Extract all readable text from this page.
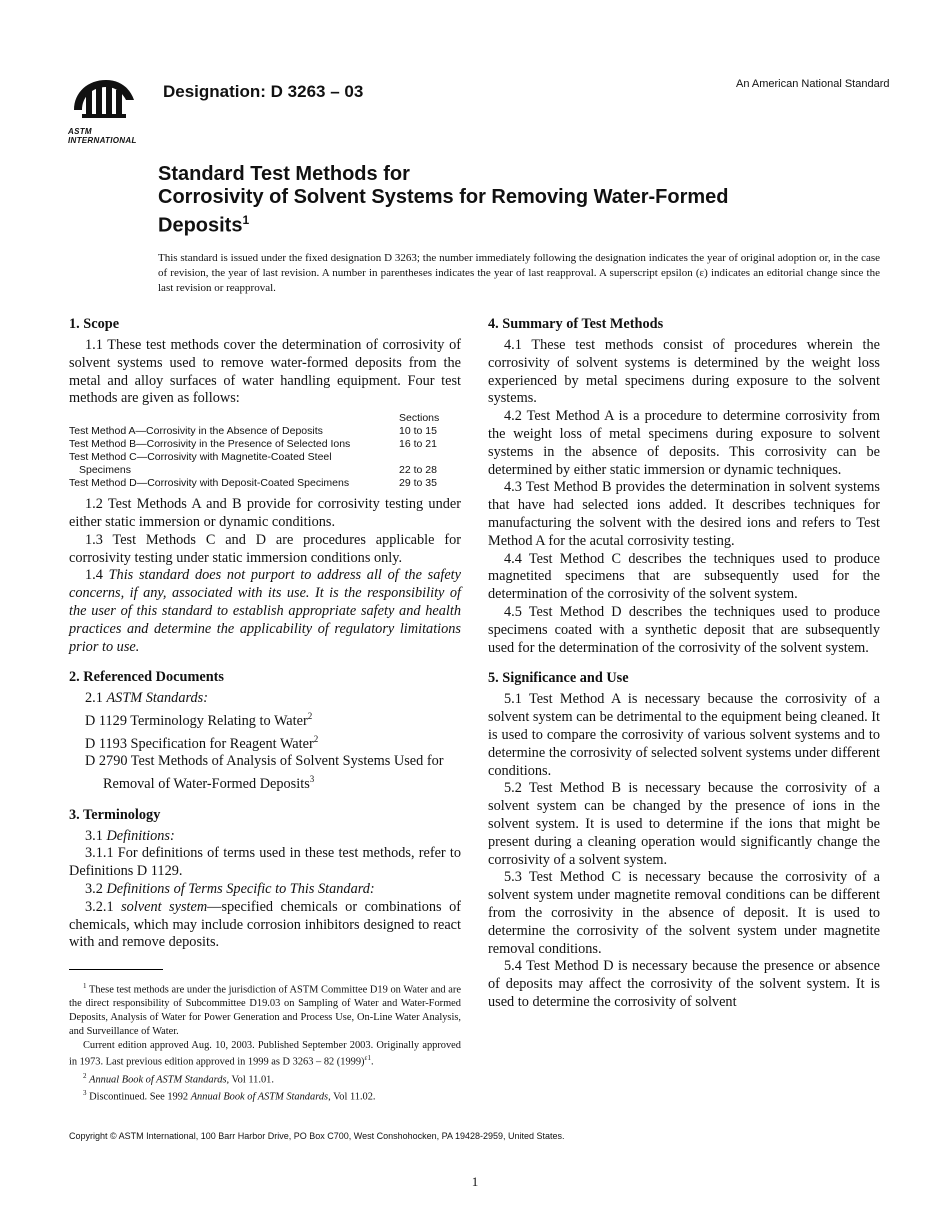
ASTM INTERNATIONAL
Designation: D 3263 – 03	An American National Standard
Standard Test Methods for
Corrosivity of Solvent Systems for Removing Water-Formed
Deposits$^1$
This standard is issued under the fixed designation D 3263; the number immediately following the designation indicates the year of original adoption or, in the case of revision, the year of last revision. A number in parentheses indicates the year of last reapproval. A superscript epsilon (ε) indicates an editorial change since the last revision or reapproval.
1. Scope

1.1 These test methods cover the determination of corrosivity of solvent systems used to remove water-formed deposits from the metal and alloy surfaces of water handling equipment. Four test methods are given as follows:

	Sections
Test Method A—Corrosivity in the Absence of Deposits	10 to 15
Test Method B—Corrosivity in the Presence of Selected Ions	16 to 21
Test Method C—Corrosivity with Magnetite-Coated Steel	
Specimens	22 to 28
Test Method D—Corrosivity with Deposit-Coated Specimens	29 to 35

1.2 Test Methods A and B provide for corrosivity testing under either static immersion or dynamic conditions.

1.3 Test Methods C and D are procedures applicable for corrosivity testing under static immersion conditions only.

1.4 This standard does not purport to address all of the safety concerns, if any, associated with its use. It is the responsibility of the user of this standard to establish appropriate safety and health practices and determine the applicability of regulatory limitations prior to use.

2. Referenced Documents

2.1 ASTM Standards:

D 1129 Terminology Relating to Water$^2$

D 1193 Specification for Reagent Water$^2$

D 2790 Test Methods of Analysis of Solvent Systems Used for Removal of Water-Formed Deposits$^3$

3. Terminology

3.1 Definitions:

3.1.1 For definitions of terms used in these test methods, refer to Definitions D 1129.

3.2 Definitions of Terms Specific to This Standard:

3.2.1 solvent system—specified chemicals or combinations of chemicals, which may include corrosion inhibitors designed to react with and remove deposits.

4. Summary of Test Methods

4.1 These test methods consist of procedures wherein the corrosivity of solvent systems is determined by the weight loss experienced by metal specimens during exposure to the solvent systems.

4.2 Test Method A is a procedure to determine corrosivity from the weight loss of metal specimens during exposure to solvent systems in the absence of deposits. This corrosivity can be determined by either static immersion or dynamic techniques.

4.3 Test Method B provides the determination in solvent systems that have had selected ions added. It describes techniques for manufacturing the solvent with the desired ions and refers to Test Method A for the acutal corrosivity testing.

4.4 Test Method C describes the techniques used to produce magnetited specimens that are subsequently used for the determination of the corrosivity of the solvent system.

4.5 Test Method D describes the techniques used to produce specimens coated with a synthetic deposit that are subsequently used for the determination of the corrosivity of the solvent system.

5. Significance and Use

5.1 Test Method A is necessary because the corrosivity of a solvent system can be detrimental to the equipment being cleaned. It is used to compare the corrosivity of various solvent systems and to determine the corrosivity of selected solvent systems under different conditions.

5.2 Test Method B is necessary because the corrosivity of a solvent system can be changed by the presence of ions in the solvent system. It is used to determine if the ions that might be present during a cleaning operation would significantly change the corrosivity of a solvent system.

5.3 Test Method C is necessary because the corrosivity of a solvent system under magnetite removal conditions can be different from the corrosivity in the absence of deposit. It is used to determine the corrosivity of the solvent system under magnetite removal conditions.

5.4 Test Method D is necessary because the presence or absence of deposits may affect the corrosivity of the solvent system. It is used to determine the corrosivity of solvent

$^1$ These test methods are under the jurisdiction of ASTM Committee D19 on Water and are the direct responsibility of Subcommittee D19.03 on Sampling of Water and Water-Formed Deposits, Analysis of Water for Power Generation and Process Use, On-Line Water Analysis, and Surveillance of Water.

Current edition approved Aug. 10, 2003. Published September 2003. Originally approved in 1973. Last previous edition approved in 1999 as D 3263 – 82 $(1999)^{\varepsilon 1}$.

$^2$ Annual Book of ASTM Standards, Vol 11.01.

$^3$ Discontinued. See 1992 Annual Book of ASTM Standards, Vol 11.02.

Copyright © ASTM International, 100 Barr Harbor Drive, PO Box C700, West Conshohocken, PA 19428-2959, United States.
1
